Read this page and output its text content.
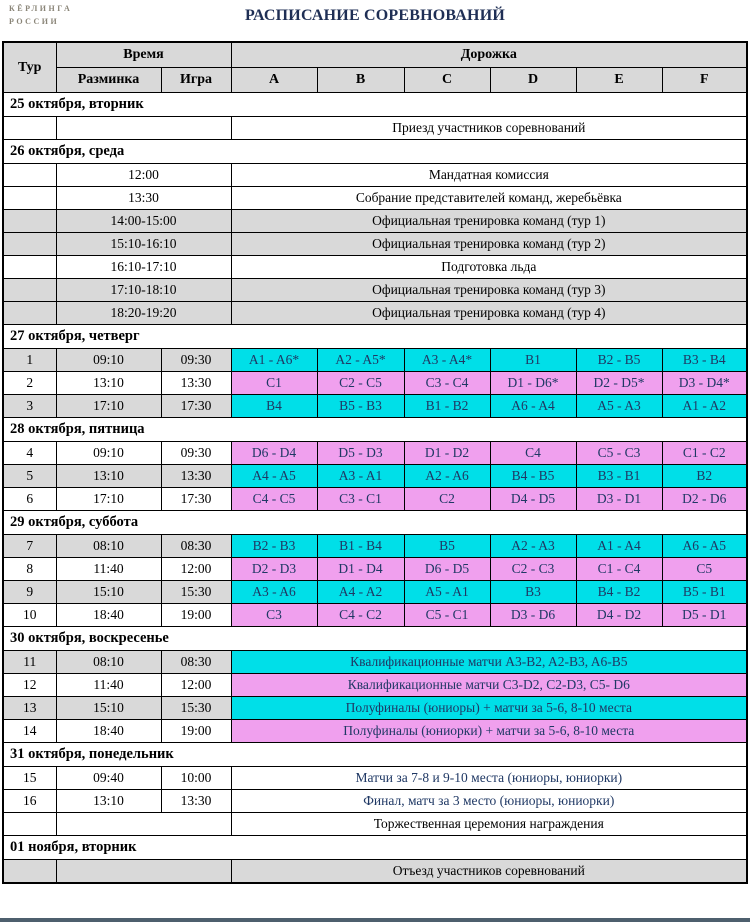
КЁРЛИНГА
РОССИИ	РАСПИСАНИЕ СОРЕВНОВАНИЙ
Тур	Время		Дорожка					
	Разминка	Игра	A	B	C	D	E	F
25 октября, вторник								
			Приезд участников соревнований					
26 октября, среда								
	12:00		Мандатная комиссия					
	13:30		Собрание представителей команд, жеребьёвка					
	14:00-15:00		Официальная тренировка команд (тур 1)					
	15:10-16:10		Официальная тренировка команд (тур 2)					
	16:10-17:10		Подготовка льда					
	17:10-18:10		Официальная тренировка команд (тур 3)					
	18:20-19:20		Официальная тренировка команд (тур 4)					
27 октября, четверг								
1	09:10	09:30	A1 - A6*	A2 - A5*	A3 - A4*	B1	B2 - B5	B3 - B4
2	13:10	13:30	C1	C2 - C5	C3 - C4	D1 - D6*	D2 - D5*	D3 - D4*
3	17:10	17:30	B4	B5 - B3	B1 - B2	A6 - A4	A5 - A3	A1 - A2
28 октября, пятница								
4	09:10	09:30	D6 - D4	D5 - D3	D1 - D2	C4	C5 - C3	C1 - C2
5	13:10	13:30	A4 - A5	A3 - A1	A2 - A6	B4 - B5	B3 - B1	B2
6	17:10	17:30	C4 - C5	C3 - C1	C2	D4 - D5	D3 - D1	D2 - D6
29 октября, суббота								
7	08:10	08:30	B2 - B3	B1 - B4	B5	A2 - A3	A1 - A4	A6 - A5
8	11:40	12:00	D2 - D3	D1 - D4	D6 - D5	C2 - C3	C1 - C4	C5
9	15:10	15:30	A3 - A6	A4 - A2	A5 - A1	B3	B4 - B2	B5 - B1
10	18:40	19:00	C3	C4 - C2	C5 - C1	D3 - D6	D4 - D2	D5 - D1
30 октября, воскресенье								
11	08:10	08:30	Квалификационные матчи A3-B2, A2-B3, A6-B5					
12	11:40	12:00	Квалификационные матчи C3-D2, C2-D3, C5- D6					
13	15:10	15:30	Полуфиналы (юниоры) + матчи за 5-6, 8-10 места					
14	18:40	19:00	Полуфиналы (юниорки) + матчи за 5-6, 8-10 места					
31 октября, понедельник								
15	09:40	10:00	Матчи за 7-8 и 9-10 места (юниоры, юниорки)					
16	13:10	13:30	Финал, матч за 3 место (юниоры, юниорки)					
			Торжественная церемония награждения					
01 ноября, вторник								
			Отъезд участников соревнований					
